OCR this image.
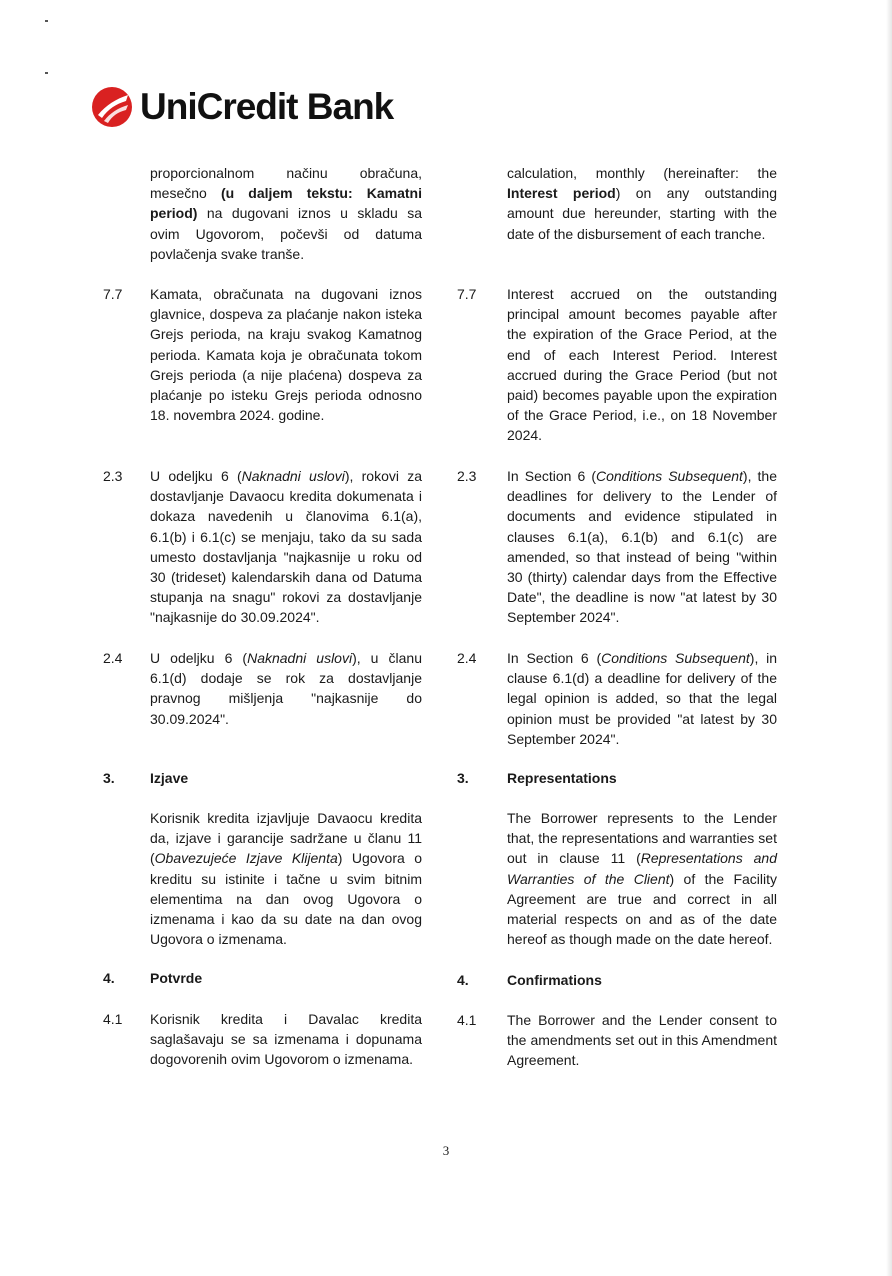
UniCredit Bank
proporcionalnom načinu obračuna, mesečno (u daljem tekstu: Kamatni period) na dugovani iznos u skladu sa ovim Ugovorom, počevši od datuma povlačenja svake tranše.
calculation, monthly (hereinafter: the Interest period) on any outstanding amount due hereunder, starting with the date of the disbursement of each tranche.
7.7 Kamata, obračunata na dugovani iznos glavnice, dospeva za plaćanje nakon isteka Grejs perioda, na kraju svakog Kamatnog perioda. Kamata koja je obračunata tokom Grejs perioda (a nije plaćena) dospeva za plaćanje po isteku Grejs perioda odnosno 18. novembra 2024. godine.
7.7 Interest accrued on the outstanding principal amount becomes payable after the expiration of the Grace Period, at the end of each Interest Period. Interest accrued during the Grace Period (but not paid) becomes payable upon the expiration of the Grace Period, i.e., on 18 November 2024.
2.3 U odeljku 6 (Naknadni uslovi), rokovi za dostavljanje Davaocu kredita dokumenata i dokaza navedenih u članovima 6.1(a), 6.1(b) i 6.1(c) se menjaju, tako da su sada umesto dostavljanja "najkasnije u roku od 30 (trideset) kalendarskih dana od Datuma stupanja na snagu" rokovi za dostavljanje "najkasnije do 30.09.2024".
2.3 In Section 6 (Conditions Subsequent), the deadlines for delivery to the Lender of documents and evidence stipulated in clauses 6.1(a), 6.1(b) and 6.1(c) are amended, so that instead of being "within 30 (thirty) calendar days from the Effective Date", the deadline is now "at latest by 30 September 2024".
2.4 U odeljku 6 (Naknadni uslovi), u članu 6.1(d) dodaje se rok za dostavljanje pravnog mišljenja "najkasnije do 30.09.2024".
2.4 In Section 6 (Conditions Subsequent), in clause 6.1(d) a deadline for delivery of the legal opinion is added, so that the legal opinion must be provided "at latest by 30 September 2024".
3.	Izjave	3.	Representations
Korisnik kredita izjavljuje Davaocu kredita da, izjave i garancije sadržane u članu 11 (Obavezujeće Izjave Klijenta) Ugovora o kreditu su istinite i tačne u svim bitnim elementima na dan ovog Ugovora o izmenama i kao da su date na dan ovog Ugovora o izmenama.
The Borrower represents to the Lender that, the representations and warranties set out in clause 11 (Representations and Warranties of the Client) of the Facility Agreement are true and correct in all material respects on and as of the date hereof as though made on the date hereof.
4.	Potvrde	4.	Confirmations
4.1 Korisnik kredita i Davalac kredita saglašavaju se sa izmenama i dopunama dogovorenih ovim Ugovorom o izmenama.
4.1 The Borrower and the Lender consent to the amendments set out in this Amendment Agreement.
3
